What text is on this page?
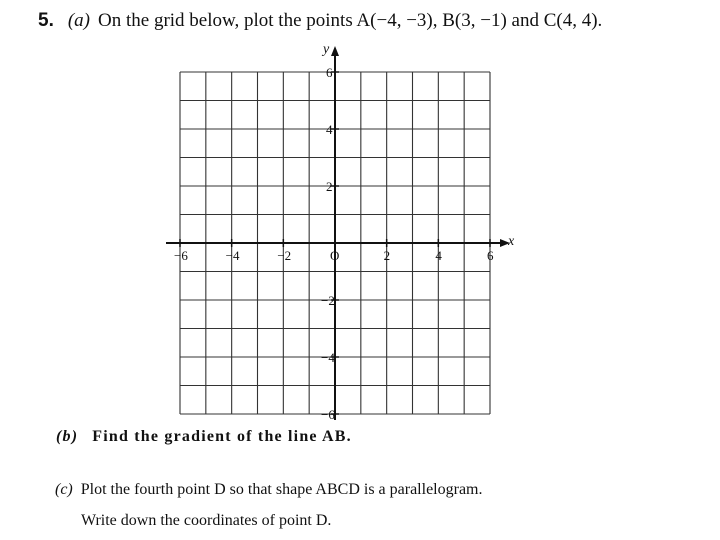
5. (a) On the grid below, plot the points A(−4, −3), B(3, −1) and C(4, 4).
−6	−4	−2	2	4	6
6
4
2
−2
−4
−6
O
x
y
(b) Find the gradient of the line AB.
(c) Plot the fourth point D so that shape ABCD is a parallelogram.
Write down the coordinates of point D.
